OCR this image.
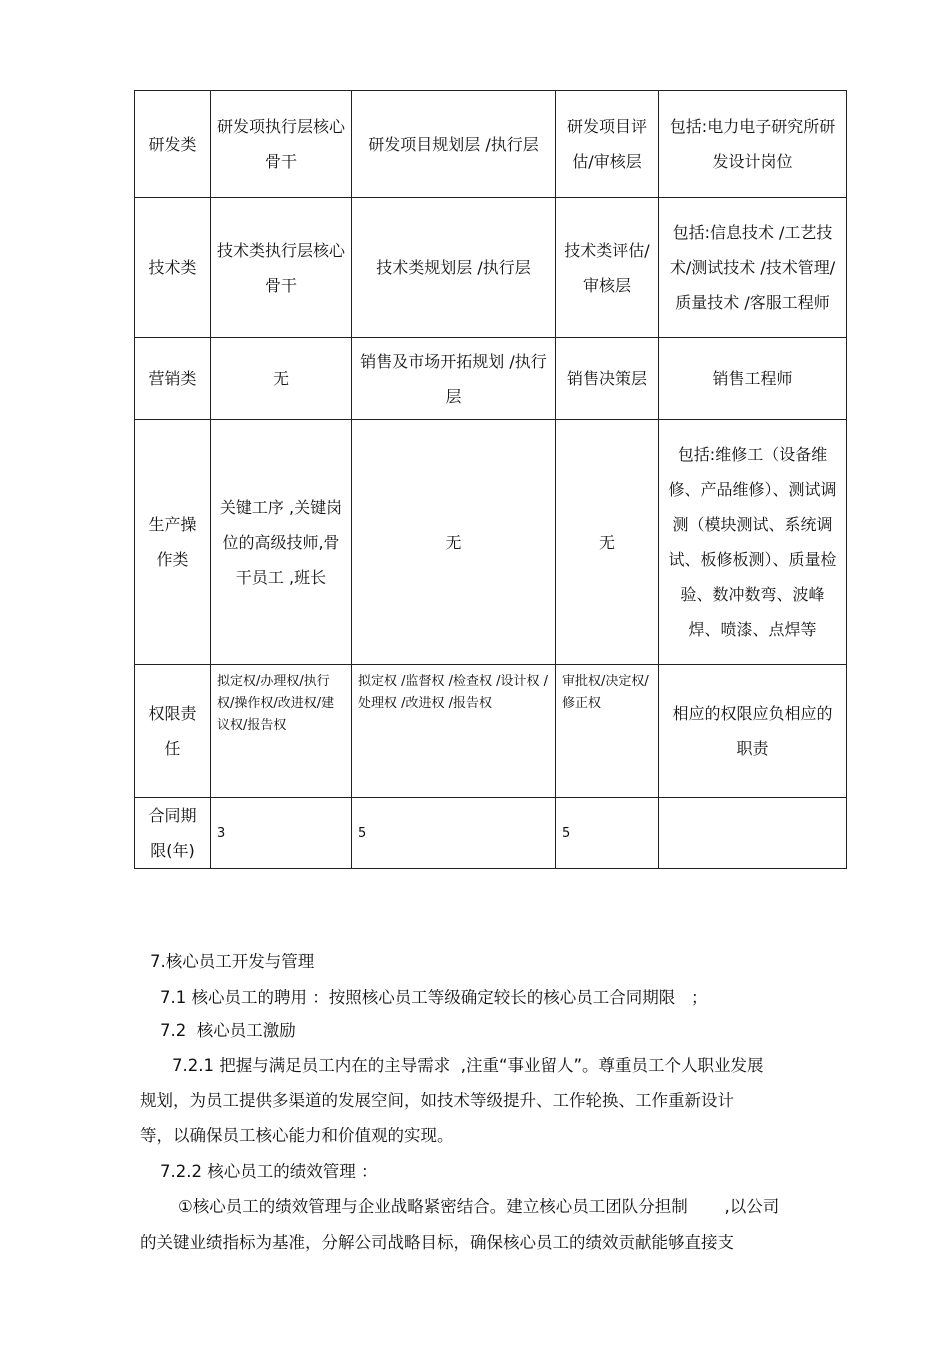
研发类	研发项执行层核心骨干	研发项目规划层 /执行层	研发项目评估/审核层	包括:电力电子研究所研发设计岗位
技术类	技术类执行层核心骨干	技术类规划层 /执行层	技术类评估/审核层	包括:信息技术 /工艺技术/测试技术 /技术管理/质量技术 /客服工程师
营销类	无	销售及市场开拓规划 /执行层	销售决策层	销售工程师
生产操作类	关键工序 ,关键岗位的高级技师,骨干员工 ,班长	无	无	包括:维修工（设备维修、产品维修）、测试调测（模块测试、系统调试、板修板测）、质量检验、数冲数弯、波峰焊、喷漆、点焊等
权限责任	拟定权/办理权/执行权/操作权/改进权/建议权/报告权	拟定权 /监督权 /检查权 /设计权 /处理权 /改进权 /报告权	审批权/决定权/修正权	相应的权限应负相应的职责
合同期限(年)	3	5	5	
7.核心员工开发与管理
7.1 核心员工的聘用 ：按照核心员工等级确定较长的核心员工合同期限   ；
7.2  核心员工激励
7.2.1 把握与满足员工内在的主导需求  ,注重“事业留人”。尊重员工个人职业发展
规划，为员工提供多渠道的发展空间，如技术等级提升、工作轮换、工作重新设计
等，以确保员工核心能力和价值观的实现。
7.2.2 核心员工的绩效管理 ：
①核心员工的绩效管理与企业战略紧密结合。建立核心员工团队分担制       ,以公司
的关键业绩指标为基准，分解公司战略目标，确保核心员工的绩效贡献能够直接支
